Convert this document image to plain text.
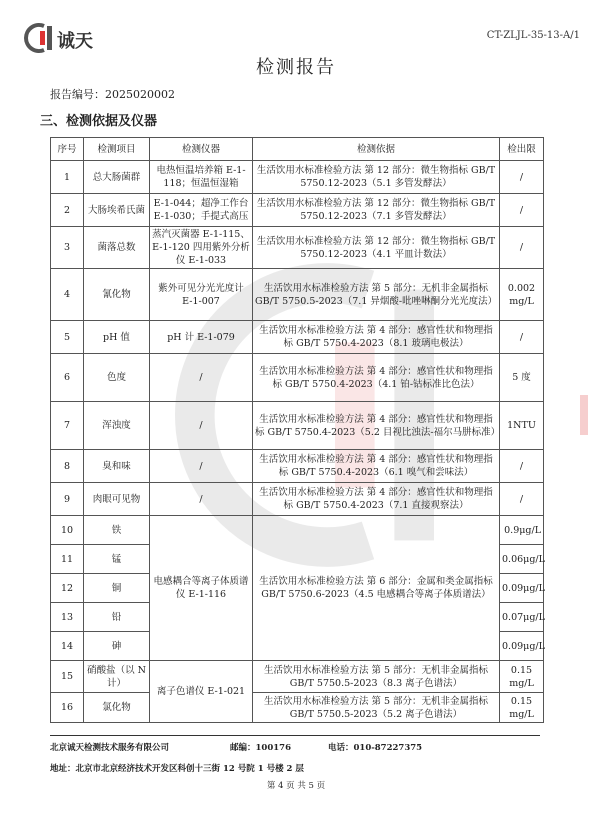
诚天	CT-ZLJL-35-13-A/1
检测报告
报告编号：2025020002
三、检测依据及仪器
序号	检测项目	检测仪器	检测依据	检出限
1	总大肠菌群	电热恒温培养箱 E-1-118；恒温恒湿箱	生活饮用水标准检验方法 第 12 部分：微生物指标 GB/T 5750.12-2023（5.1 多管发酵法）	/
2	大肠埃希氏菌	E-1-044；超净工作台 E-1-030；手提式高压	生活饮用水标准检验方法 第 12 部分：微生物指标 GB/T 5750.12-2023（7.1 多管发酵法）	/
3	菌落总数	蒸汽灭菌器 E-1-115、E-1-120 四用紫外分析仪 E-1-033	生活饮用水标准检验方法 第 12 部分：微生物指标 GB/T 5750.12-2023（4.1 平皿计数法）	/
4	氰化物	紫外可见分光光度计 E-1-007	生活饮用水标准检验方法 第 5 部分：无机非金属指标 GB/T 5750.5-2023（7.1 异烟酸-吡唑啉酮分光光度法）	0.002 mg/L
5	pH 值	pH 计 E-1-079	生活饮用水标准检验方法 第 4 部分：感官性状和物理指标 GB/T 5750.4-2023（8.1 玻璃电极法）	/
6	色度	/	生活饮用水标准检验方法 第 4 部分：感官性状和物理指标 GB/T 5750.4-2023（4.1 铂-钴标准比色法）	5 度
7	浑浊度	/	生活饮用水标准检验方法 第 4 部分：感官性状和物理指标 GB/T 5750.4-2023（5.2 目视比浊法-福尔马肼标准）	1NTU
8	臭和味	/	生活饮用水标准检验方法 第 4 部分：感官性状和物理指标 GB/T 5750.4-2023（6.1 嗅气和尝味法）	/
9	肉眼可见物	/	生活饮用水标准检验方法 第 4 部分：感官性状和物理指标 GB/T 5750.4-2023（7.1 直接观察法）	/
10	铁	电感耦合等离子体质谱仪 E-1-116	生活饮用水标准检验方法 第 6 部分：金属和类金属指标 GB/T 5750.6-2023（4.5 电感耦合等离子体质谱法）	0.9μg/L
11	锰			0.06μg/L
12	铜			0.09μg/L
13	铅			0.07μg/L
14	砷			0.09μg/L
15	硝酸盐（以 N 计）	离子色谱仪 E-1-021	生活饮用水标准检验方法 第 5 部分：无机非金属指标 GB/T 5750.5-2023（8.3 离子色谱法）	0.15 mg/L
16	氯化物		生活饮用水标准检验方法 第 5 部分：无机非金属指标 GB/T 5750.5-2023（5.2 离子色谱法）	0.15 mg/L
北京诚天检测技术服务有限公司	邮编：100176	电话：010-87227375
地址：北京市北京经济技术开发区科创十三街 12 号院 1 号楼 2 层
第 4 页 共 5 页
